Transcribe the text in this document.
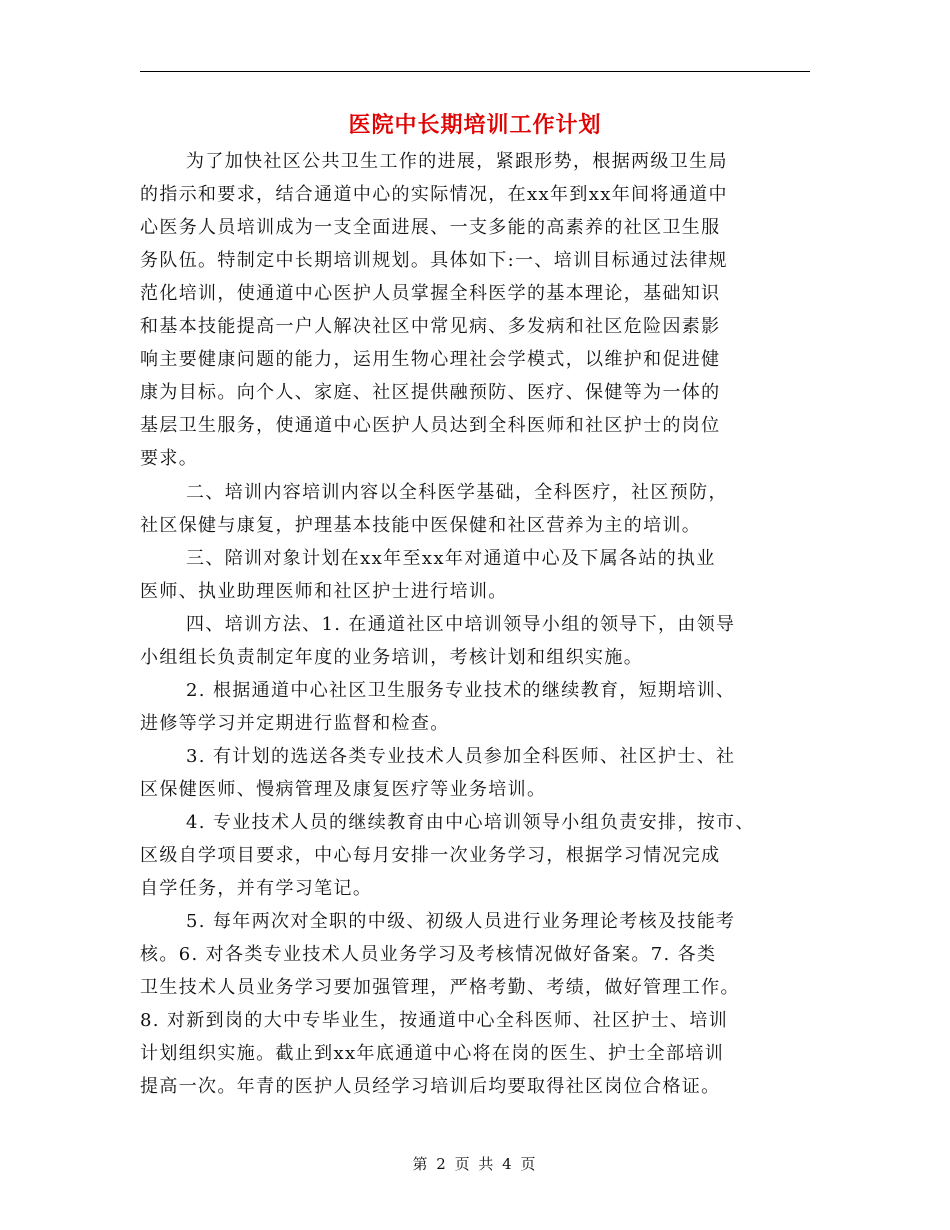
医院中长期培训工作计划
为了加快社区公共卫生工作的进展，紧跟形势，根据两级卫生局
的指示和要求，结合通道中心的实际情况，在xx年到xx年间将通道中
心医务人员培训成为一支全面进展、一支多能的高素养的社区卫生服
务队伍。特制定中长期培训规划。具体如下:一、培训目标通过法律规
范化培训，使通道中心医护人员掌握全科医学的基本理论，基础知识
和基本技能提高一户人解决社区中常见病、多发病和社区危险因素影
响主要健康问题的能力，运用生物心理社会学模式，以维护和促进健
康为目标。向个人、家庭、社区提供融预防、医疗、保健等为一体的
基层卫生服务，使通道中心医护人员达到全科医师和社区护士的岗位
要求。
二、培训内容培训内容以全科医学基础，全科医疗，社区预防，
社区保健与康复，护理基本技能中医保健和社区营养为主的培训。
三、陪训对象计划在xx年至xx年对通道中心及下属各站的执业
医师、执业助理医师和社区护士进行培训。
四、培训方法、1. 在通道社区中培训领导小组的领导下，由领导
小组组长负责制定年度的业务培训，考核计划和组织实施。
2. 根据通道中心社区卫生服务专业技术的继续教育，短期培训、
进修等学习并定期进行监督和检查。
3. 有计划的选送各类专业技术人员参加全科医师、社区护士、社
区保健医师、慢病管理及康复医疗等业务培训。
4. 专业技术人员的继续教育由中心培训领导小组负责安排，按市、
区级自学项目要求，中心每月安排一次业务学习，根据学习情况完成
自学任务，并有学习笔记。
5. 每年两次对全职的中级、初级人员进行业务理论考核及技能考
核。6. 对各类专业技术人员业务学习及考核情况做好备案。7. 各类
卫生技术人员业务学习要加强管理，严格考勤、考绩，做好管理工作。
8. 对新到岗的大中专毕业生，按通道中心全科医师、社区护士、培训
计划组织实施。截止到xx年底通道中心将在岗的医生、护士全部培训
提高一次。年青的医护人员经学习培训后均要取得社区岗位合格证。
第 2 页 共 4 页
